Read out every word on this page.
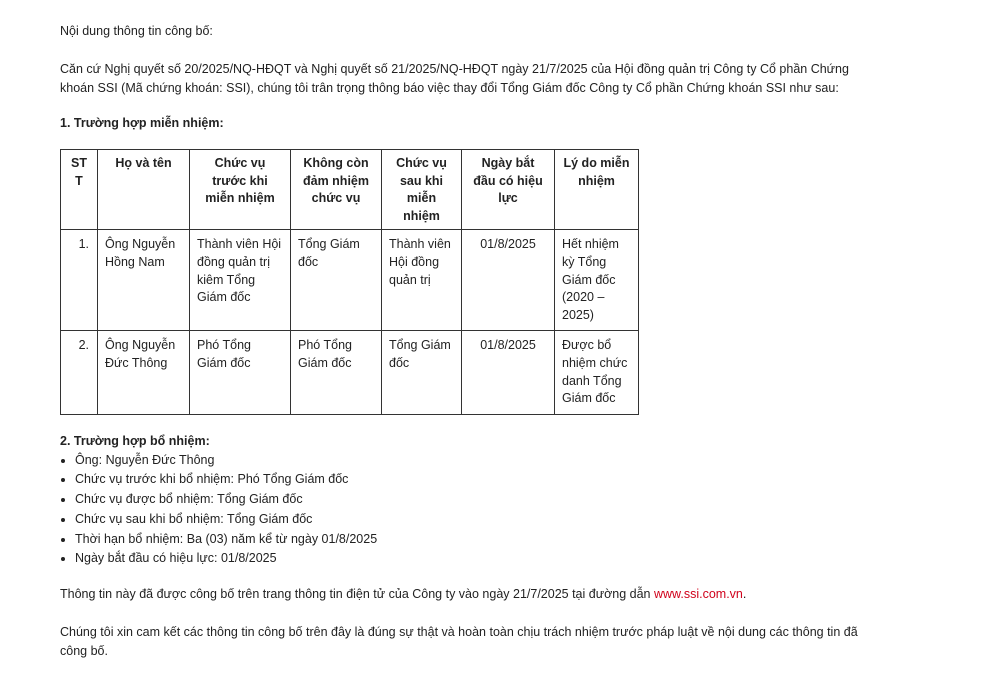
Nội dung thông tin công bố:

Căn cứ Nghị quyết số 20/2025/NQ-HĐQT và Nghị quyết số 21/2025/NQ-HĐQT ngày 21/7/2025 của Hội đồng quản trị Công ty Cổ phần Chứng khoán SSI (Mã chứng khoán: SSI), chúng tôi trân trọng thông báo việc thay đổi Tổng Giám đốc Công ty Cổ phần Chứng khoán SSI như sau:

1. Trường hợp miễn nhiệm:
STT	Họ và tên	Chức vụ trước khi miễn nhiệm	Không còn đảm nhiệm chức vụ	Chức vụ sau khi miễn nhiệm	Ngày bắt đầu có hiệu lực	Lý do miễn nhiệm
1.	Ông Nguyễn Hồng Nam	Thành viên Hội đồng quản trị kiêm Tổng Giám đốc	Tổng Giám đốc	Thành viên Hội đồng quản trị	01/8/2025	Hết nhiệm kỳ Tổng Giám đốc (2020 – 2025)
2.	Ông Nguyễn Đức Thông	Phó Tổng Giám đốc	Phó Tổng Giám đốc	Tổng Giám đốc	01/8/2025	Được bổ nhiệm chức danh Tổng Giám đốc
2. Trường hợp bổ nhiệm:
• Ông: Nguyễn Đức Thông
• Chức vụ trước khi bổ nhiệm: Phó Tổng Giám đốc
• Chức vụ được bổ nhiệm: Tổng Giám đốc
• Chức vụ sau khi bổ nhiệm: Tổng Giám đốc
• Thời hạn bổ nhiệm: Ba (03) năm kể từ ngày 01/8/2025
• Ngày bắt đầu có hiệu lực: 01/8/2025

Thông tin này đã được công bố trên trang thông tin điện tử của Công ty vào ngày 21/7/2025 tại đường dẫn www.ssi.com.vn.

Chúng tôi xin cam kết các thông tin công bố trên đây là đúng sự thật và hoàn toàn chịu trách nhiệm trước pháp luật về nội dung các thông tin đã công bố.
